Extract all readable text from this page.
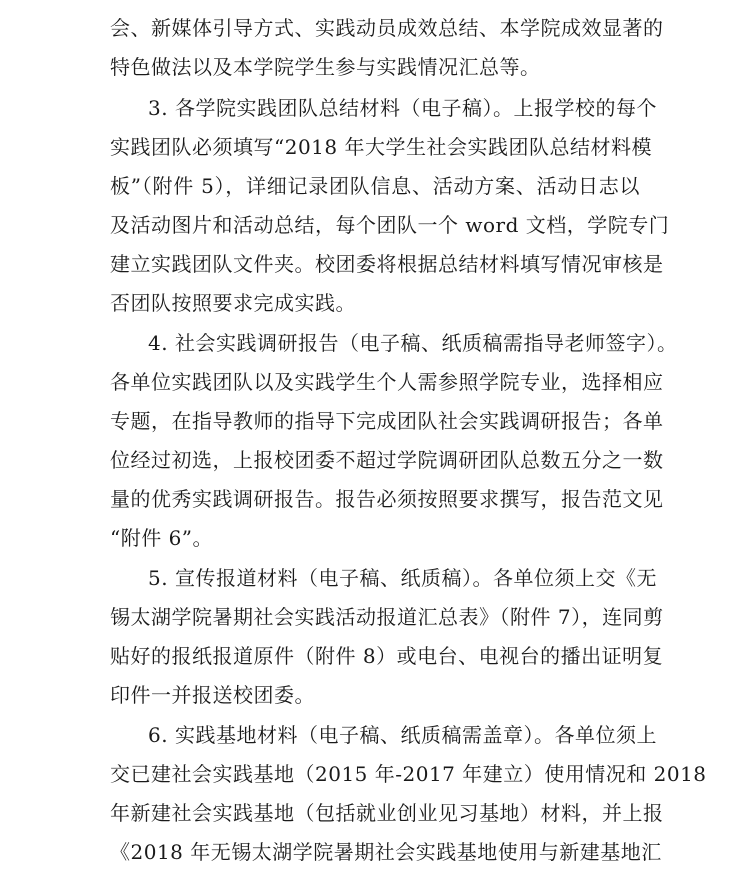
会、新媒体引导方式、实践动员成效总结、本学院成效显著的
特色做法以及本学院学生参与实践情况汇总等。
3. 各学院实践团队总结材料（电子稿）。上报学校的每个
实践团队必须填写“2018 年大学生社会实践团队总结材料模
板”（附件 5），详细记录团队信息、活动方案、活动日志以
及活动图片和活动总结，每个团队一个 word 文档，学院专门
建立实践团队文件夹。校团委将根据总结材料填写情况审核是
否团队按照要求完成实践。
4. 社会实践调研报告（电子稿、纸质稿需指导老师签字）。
各单位实践团队以及实践学生个人需参照学院专业，选择相应
专题，在指导教师的指导下完成团队社会实践调研报告；各单
位经过初选，上报校团委不超过学院调研团队总数五分之一数
量的优秀实践调研报告。报告必须按照要求撰写，报告范文见
“附件 6”。
5. 宣传报道材料（电子稿、纸质稿）。各单位须上交《无
锡太湖学院暑期社会实践活动报道汇总表》（附件 7），连同剪
贴好的报纸报道原件（附件 8）或电台、电视台的播出证明复
印件一并报送校团委。
6. 实践基地材料（电子稿、纸质稿需盖章）。各单位须上
交已建社会实践基地（2015 年-2017 年建立）使用情况和 2018
年新建社会实践基地（包括就业创业见习基地）材料，并上报
《2018 年无锡太湖学院暑期社会实践基地使用与新建基地汇
